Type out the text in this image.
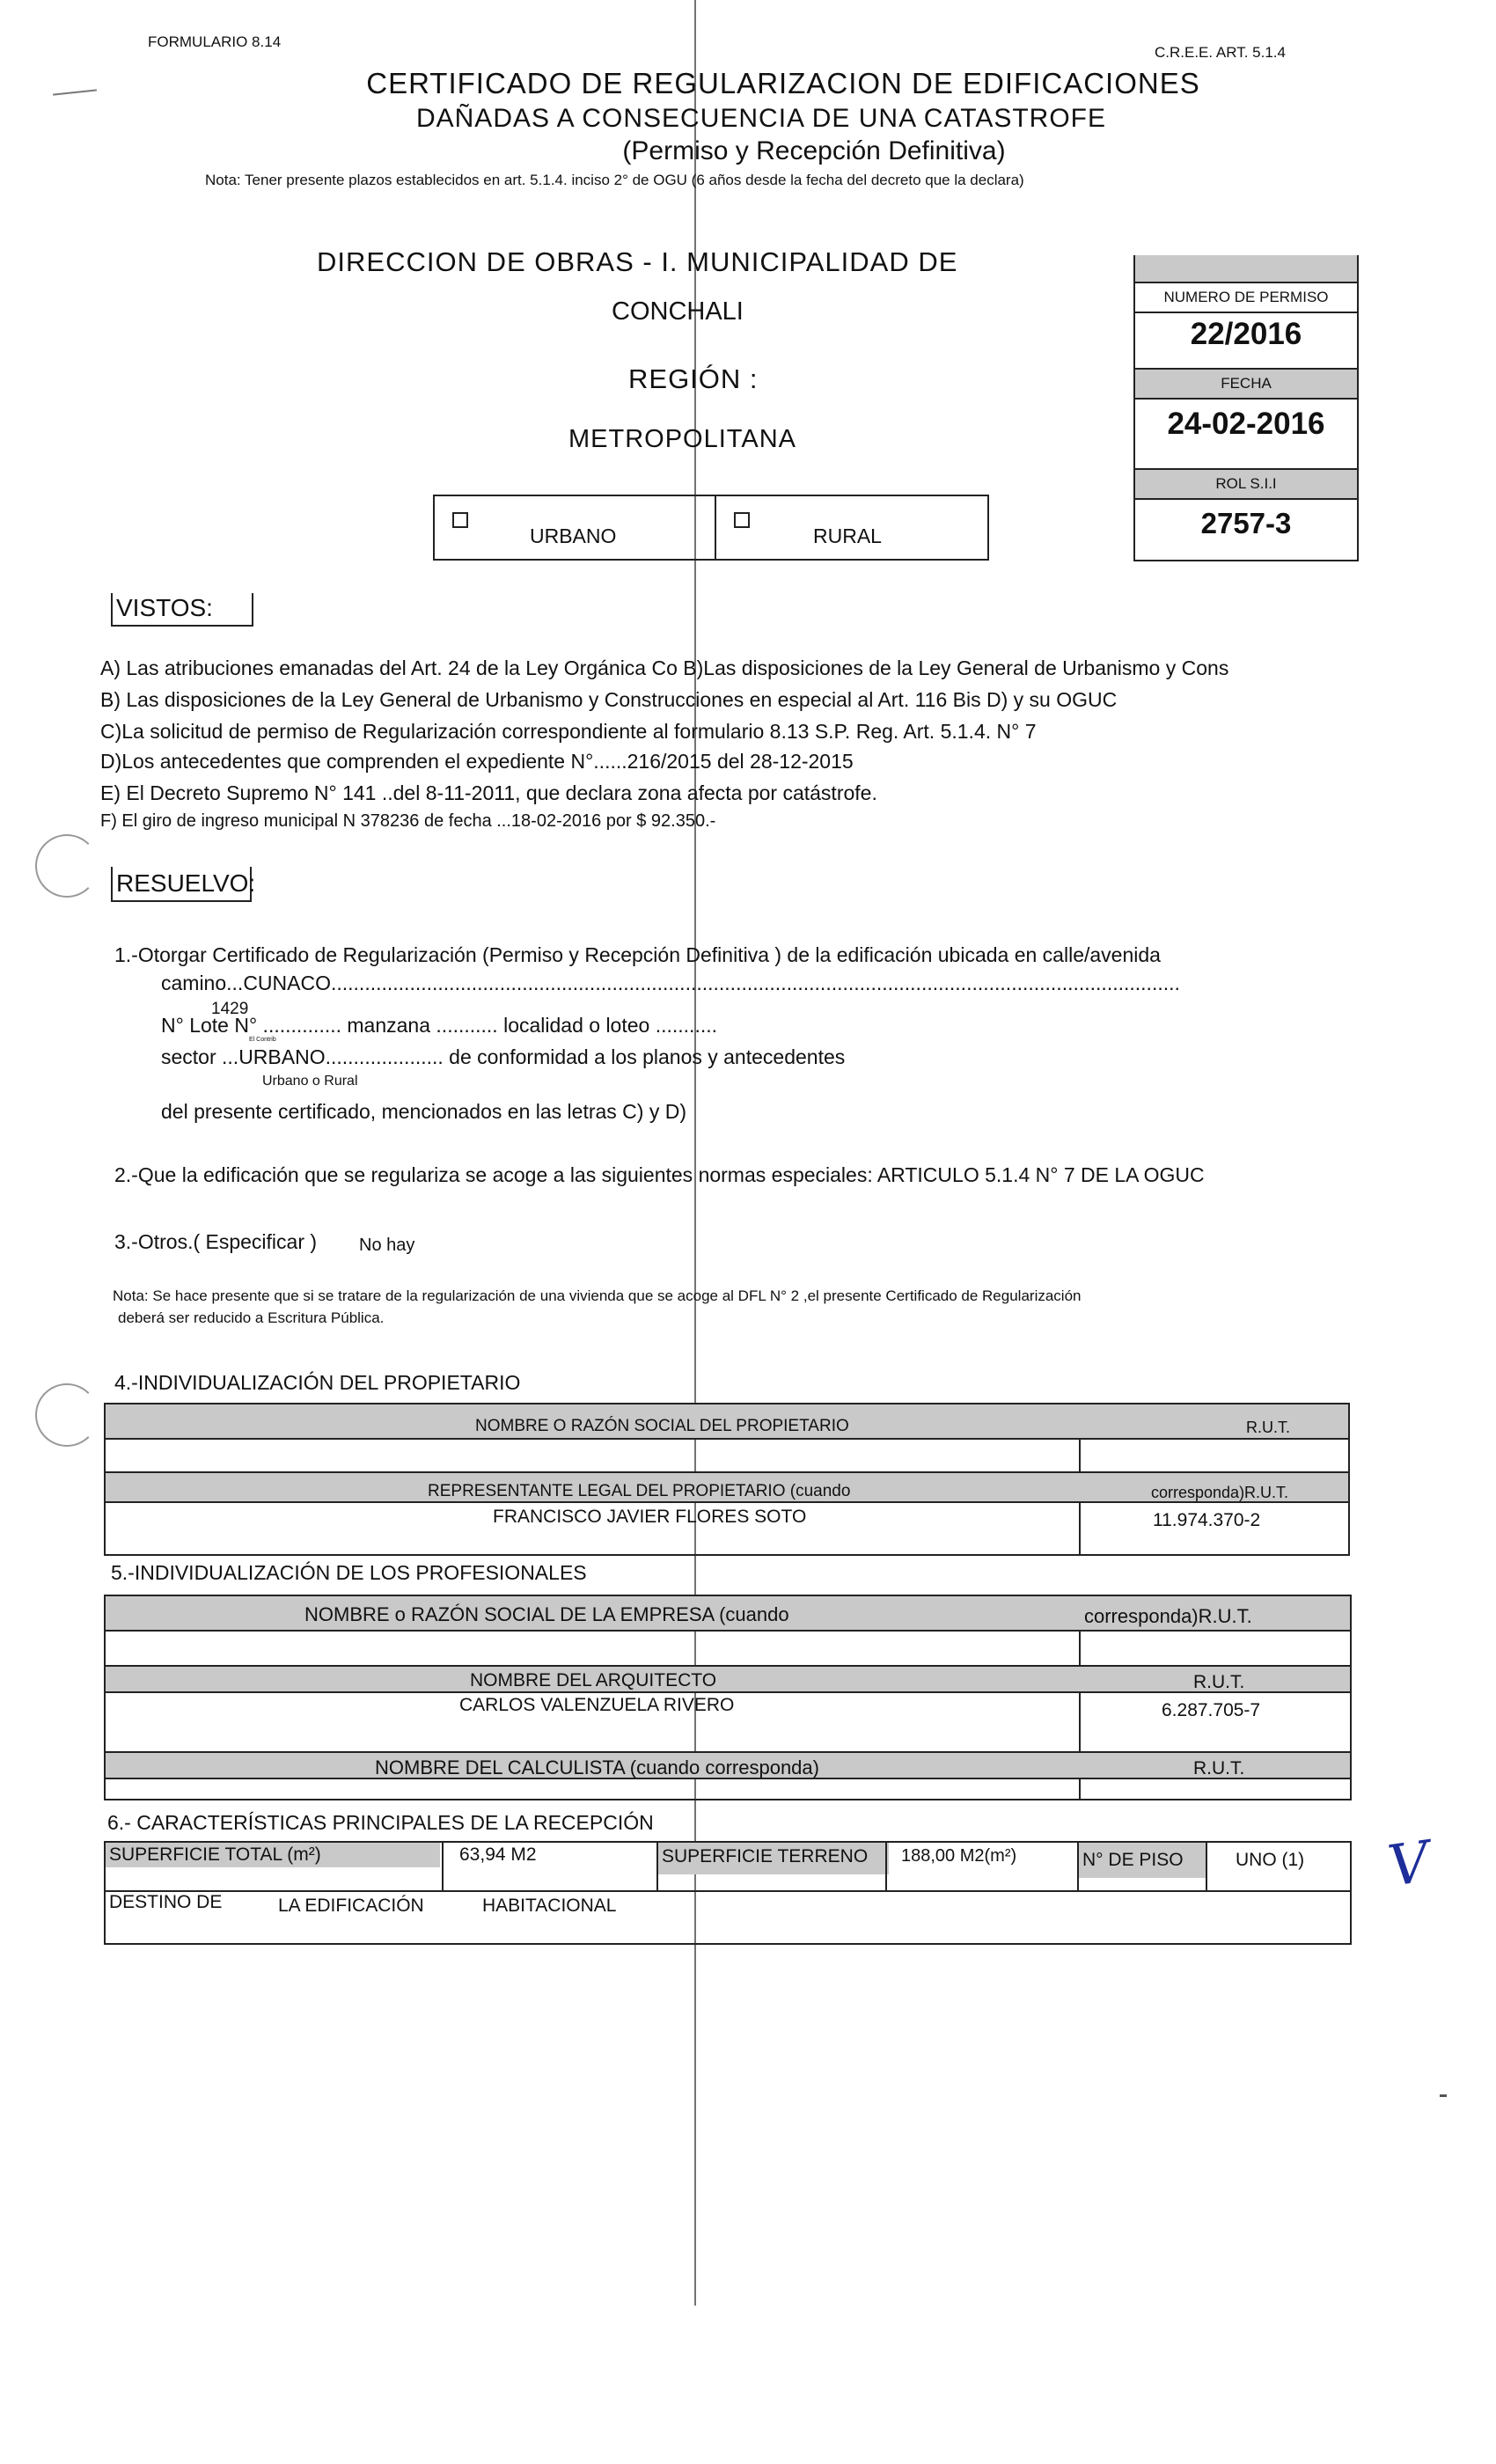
FORMULARIO 8.14
C.R.E.E. ART. 5.1.4
CERTIFICADO DE REGULARIZACION DE EDIFICACIONES
DAÑADAS A CONSECUENCIA DE UNA CATASTROFE
(Permiso y Recepción Definitiva)
Nota: Tener presente plazos establecidos en art. 5.1.4. inciso 2° de OGU (6 años desde la fecha del decreto que la declara)
DIRECCION DE OBRAS - I. MUNICIPALIDAD DE
CONCHALI
REGIÓN :
METROPOLITANA
URBANO	RURAL
NUMERO DE PERMISO
22/2016
FECHA
24-02-2016
ROL S.I.I
2757-3
VISTOS:
A) Las atribuciones emanadas del Art. 24 de la Ley Orgánica Co B)Las disposiciones de la Ley General de Urbanismo y Cons
B) Las disposiciones de la Ley General de Urbanismo y Construcciones en especial al Art. 116 Bis D) y su OGUC
C)La solicitud de permiso de Regularización correspondiente al formulario 8.13 S.P. Reg. Art. 5.1.4. N° 7
D)Los antecedentes que comprenden el expediente N°......216/2015 del 28-12-2015
E) El Decreto Supremo N° 141 ..del 8-11-2011, que declara zona afecta por catástrofe.
F) El giro de ingreso municipal N 378236 de fecha ...18-02-2016 por $ 92.350.-
RESUELVO:
1.-Otorgar Certificado de Regularización (Permiso y Recepción Definitiva ) de la edificación ubicada en calle/avenida
camino...CUNACO.......................................................................................................................................................
1429
N° Lote N° .............. manzana ........... localidad o loteo ...........
El Contrib
sector ...URBANO..................... de conformidad a los planos y antecedentes
Urbano o Rural
del presente certificado, mencionados en las letras C) y D)
2.-Que la edificación que se regulariza se acoge a las siguientes normas especiales: ARTICULO 5.1.4 N° 7 DE LA OGUC
3.-Otros.( Especificar ) No hay
Nota: Se hace presente que si se tratare de la regularización de una vivienda que se acoge al DFL N° 2 ,el presente Certificado de Regularización
deberá ser reducido a Escritura Pública.
4.-INDIVIDUALIZACIÓN DEL PROPIETARIO
NOMBRE O RAZÓN SOCIAL DEL PROPIETARIO	R.U.T.
REPRESENTANTE LEGAL DEL PROPIETARIO (cuando	corresponda)R.U.T.
FRANCISCO JAVIER FLORES SOTO	11.974.370-2
5.-INDIVIDUALIZACIÓN DE LOS PROFESIONALES
NOMBRE o RAZÓN SOCIAL DE LA EMPRESA (cuando	corresponda)R.U.T.
NOMBRE DEL ARQUITECTO	R.U.T.
CARLOS VALENZUELA RIVERO	6.287.705-7
NOMBRE DEL CALCULISTA (cuando corresponda)	R.U.T.
6.- CARACTERÍSTICAS PRINCIPALES DE LA RECEPCIÓN
SUPERFICIE TOTAL (m²)	63,94 M2	SUPERFICIE TERRENO 188,00 M2(m²)	N° DE PISO	UNO (1)
DESTINO DE	LA EDIFICACIÓN	HABITACIONAL
V
